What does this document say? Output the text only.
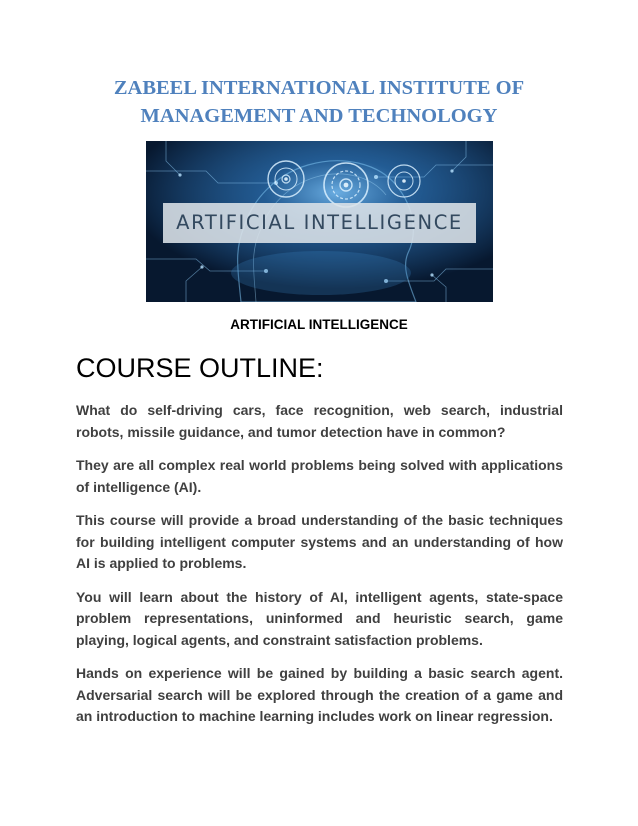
ZABEEL INTERNATIONAL INSTITUTE OF
MANAGEMENT AND TECHNOLOGY
ARTIFICIAL INTELLIGENCE

ARTIFICIAL INTELLIGENCE

COURSE OUTLINE:

What do self-driving cars, face recognition, web search, industrial robots, missile guidance, and tumor detection have in common?

They are all complex real world problems being solved with applications of intelligence (AI).

This course will provide a broad understanding of the basic techniques for building intelligent computer systems and an understanding of how AI is applied to problems.

You will learn about the history of AI, intelligent agents, state-space problem representations, uninformed and heuristic search, game playing, logical agents, and constraint satisfaction problems.

Hands on experience will be gained by building a basic search agent. Adversarial search will be explored through the creation of a game and an introduction to machine learning includes work on linear regression.
